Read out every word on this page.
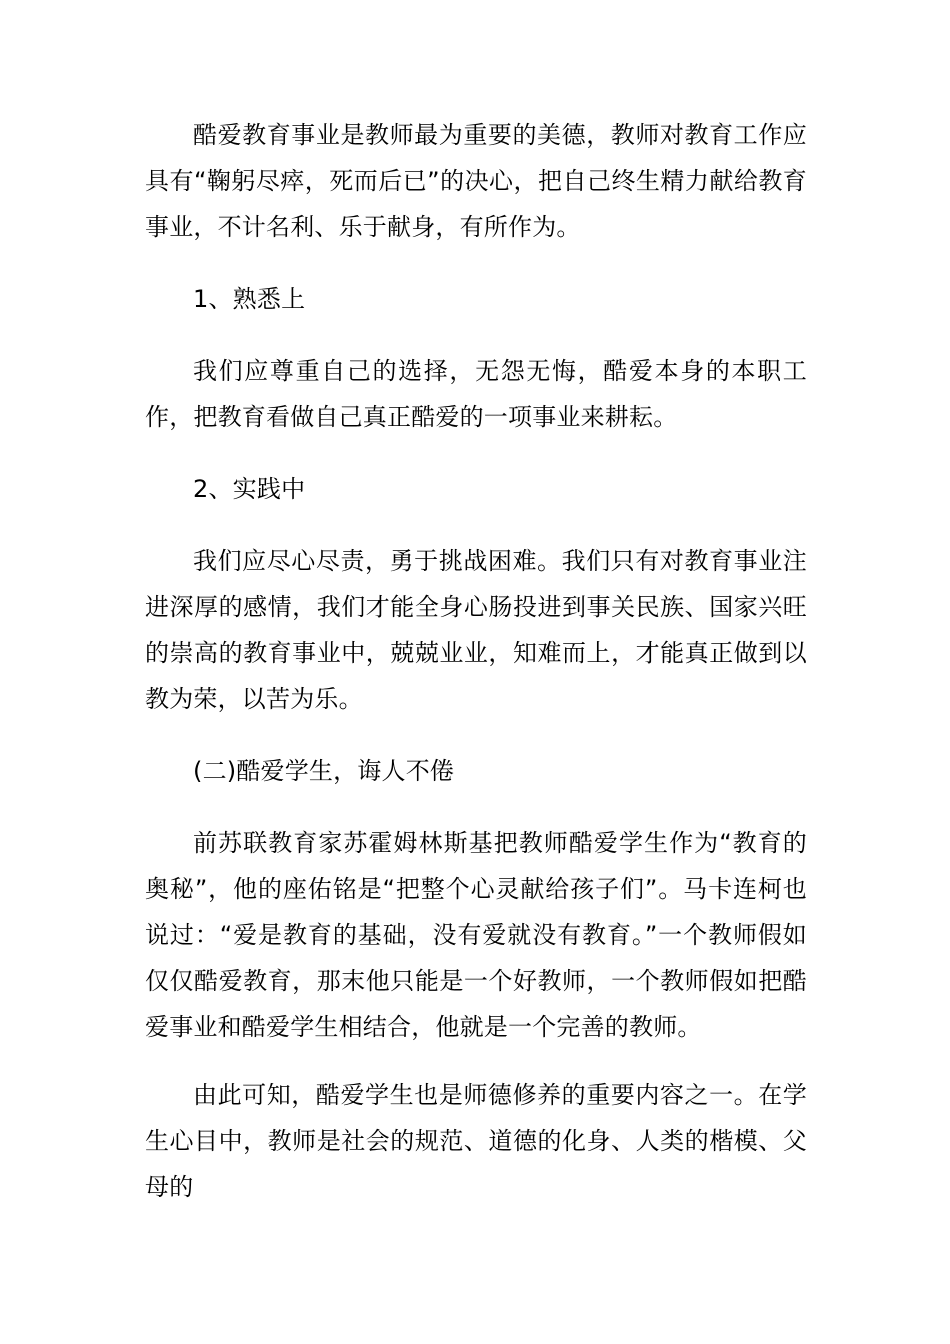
酷爱教育事业是教师最为重要的美德，教师对教育工作应具有“鞠躬尽瘁，死而后已”的决心，把自己终生精力献给教育事业，不计名利、乐于献身，有所作为。

1、熟悉上

我们应尊重自己的选择，无怨无悔，酷爱本身的本职工作，把教育看做自己真正酷爱的一项事业来耕耘。

2、实践中

我们应尽心尽责，勇于挑战困难。我们只有对教育事业注进深厚的感情，我们才能全身心肠投进到事关民族、国家兴旺的崇高的教育事业中，兢兢业业，知难而上，才能真正做到以教为荣，以苦为乐。

(二)酷爱学生，诲人不倦

前苏联教育家苏霍姆林斯基把教师酷爱学生作为“教育的奥秘”，他的座佑铭是“把整个心灵献给孩子们”。马卡连柯也说过：“爱是教育的基础，没有爱就没有教育。”一个教师假如仅仅酷爱教育，那末他只能是一个好教师，一个教师假如把酷爱事业和酷爱学生相结合，他就是一个完善的教师。

由此可知，酷爱学生也是师德修养的重要内容之一。在学生心目中，教师是社会的规范、道德的化身、人类的楷模、父母的
